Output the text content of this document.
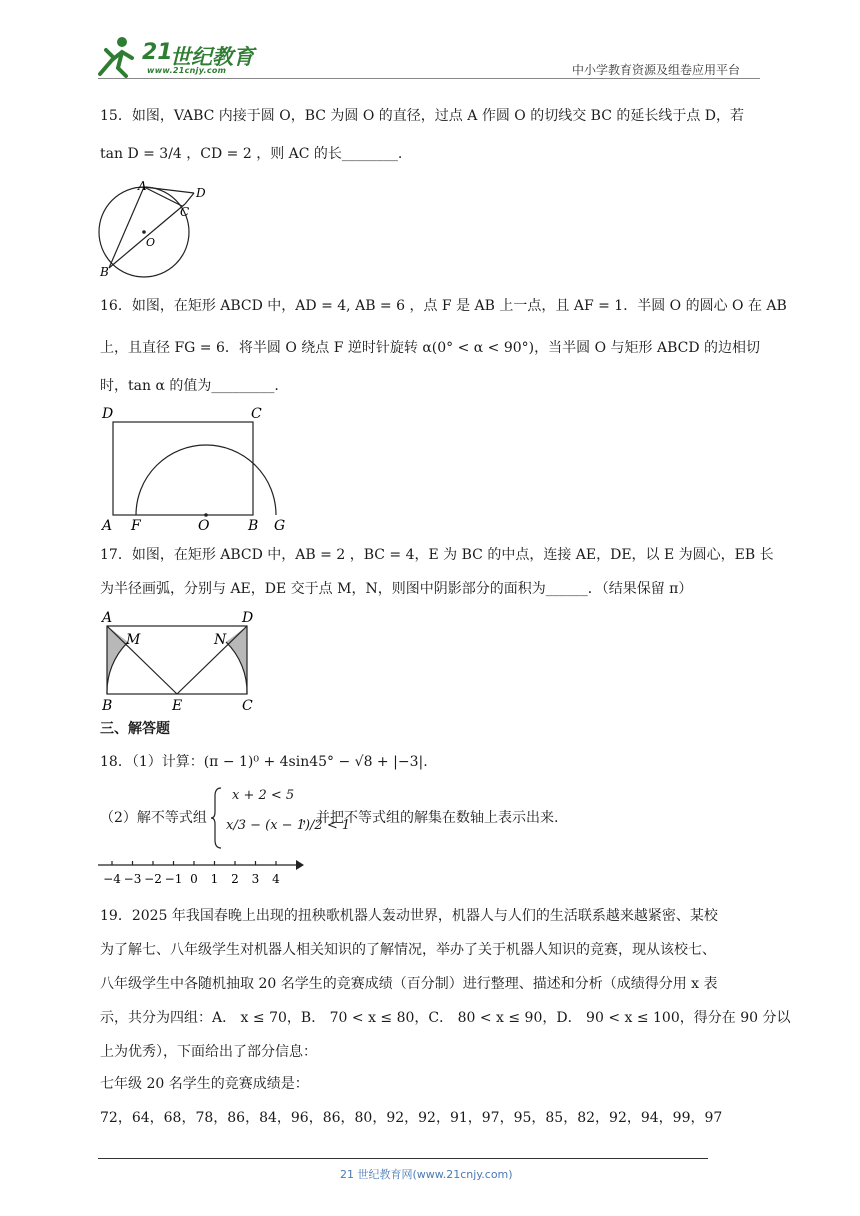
21
世纪教育
www.21cnjy.com	中小学教育资源及组卷应用平台
15．如图，VABC 内接于圆 O，BC 为圆 O 的直径，过点 A 作圆 O 的切线交 BC 的延长线于点 D，若
tan D = 3/4 ，CD = 2 ，则 AC 的长________.
A	D
C
O
B
16．如图，在矩形 ABCD 中，AD = 4, AB = 6 ，点 F 是 AB 上一点，且 AF = 1．半圆 O 的圆心 O 在 AB
上，且直径 FG = 6．将半圆 O 绕点 F 逆时针旋转 α(0° < α < 90°)，当半圆 O 与矩形 ABCD 的边相切
时，tan α 的值为_________.
D	C
A F	O	B G
17．如图，在矩形 ABCD 中，AB = 2 ，BC = 4，E 为 BC 的中点，连接 AE，DE，以 E 为圆心，EB 长
为半径画弧，分别与 AE，DE 交于点 M，N，则图中阴影部分的面积为______．（结果保留 π）
A	D
M	N
B	E	C
三、解答题
18．（1）计算：(π − 1)⁰ + 4sin45° − √8 + |−3|.
（2）解不等式组
x + 2 < 5
x/3 − (x − 1)/2 < 1
，并把不等式组的解集在数轴上表示出来.
−4 −3 −2 −1 0 1 2 3 4
19．2025 年我国春晚上出现的扭秧歌机器人轰动世界，机器人与人们的生活联系越来越紧密、某校
为了解七、八年级学生对机器人相关知识的了解情况，举办了关于机器人知识的竞赛，现从该校七、
八年级学生中各随机抽取 20 名学生的竞赛成绩（百分制）进行整理、描述和分析（成绩得分用 x 表
示，共分为四组：A． x ≤ 70，B． 70 < x ≤ 80，C． 80 < x ≤ 90，D． 90 < x ≤ 100，得分在 90 分以
上为优秀），下面给出了部分信息：
七年级 20 名学生的竞赛成绩是：
72，64，68，78，86，84，96，86，80，92，92，91，97，95，85，82，92，94，99，97
21 世纪教育网(www.21cnjy.com)
